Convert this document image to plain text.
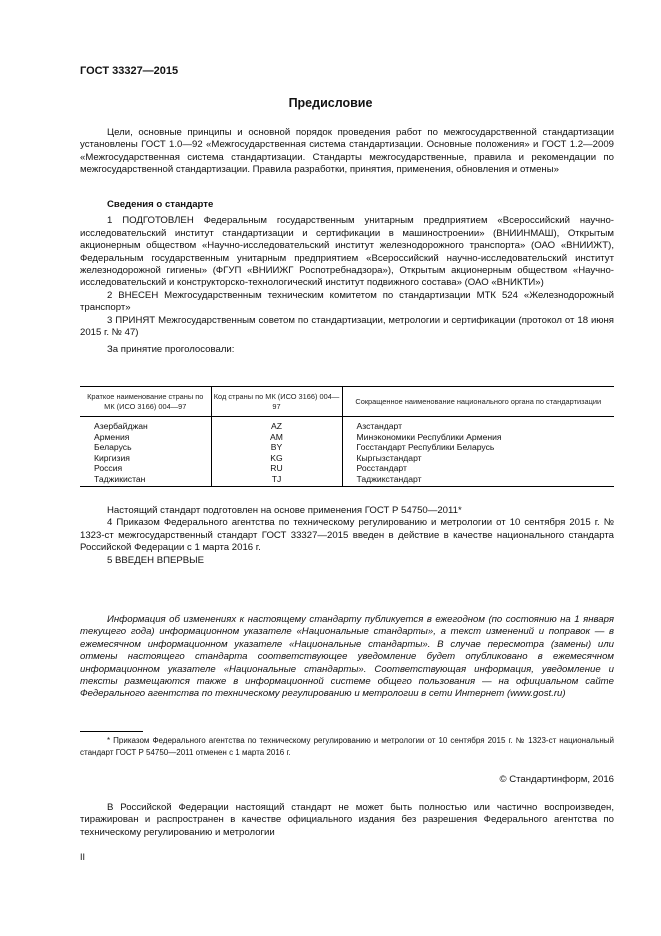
ГОСТ 33327—2015
Предисловие

Цели, основные принципы и основной порядок проведения работ по межгосударственной стандартизации установлены ГОСТ 1.0—92 «Межгосударственная система стандартизации. Основные положения» и ГОСТ 1.2—2009 «Межгосударственная система стандартизации. Стандарты межгосударственные, правила и рекомендации по межгосударственной стандартизации. Правила разработки, принятия, применения, обновления и отмены»

Сведения о стандарте

1 ПОДГОТОВЛЕН Федеральным государственным унитарным предприятием «Всероссийский научно-исследовательский институт стандартизации и сертификации в машиностроении» (ВНИИНМАШ), Открытым акционерным обществом «Научно-исследовательский институт железнодорожного транспорта» (ОАО «ВНИИЖТ), Федеральным государственным унитарным предприятием «Всероссийский научно-исследовательский институт железнодорожной гигиены» (ФГУП «ВНИИЖГ Роспотребнадзора»), Открытым акционерным обществом «Научно-исследовательский и конструкторско-технологический институт подвижного состава» (ОАО «ВНИКТИ»)

2 ВНЕСЕН Межгосударственным техническим комитетом по стандартизации МТК 524 «Железнодорожный транспорт»

3 ПРИНЯТ Межгосударственным советом по стандартизации, метрологии и сертификации (протокол от 18 июня 2015 г. № 47)

За принятие проголосовали:

Краткое наименование страны по МК (ИСО 3166) 004—97	Код страны по МК (ИСО 3166) 004—97	Сокращенное наименование национального органа по стандартизации
Азербайджан	AZ	Азстандарт
Армения	AM	Минэкономики Республики Армения
Беларусь	BY	Госстандарт Республики Беларусь
Киргизия	KG	Кыргызстандарт
Россия	RU	Росстандарт
Таджикистан	TJ	Таджикстандарт

Настоящий стандарт подготовлен на основе применения ГОСТ Р 54750—2011*

4 Приказом Федерального агентства по техническому регулированию и метрологии от 10 сентября 2015 г. № 1323-ст межгосударственный стандарт ГОСТ 33327—2015 введен в действие в качестве национального стандарта Российской Федерации с 1 марта 2016 г.

5 ВВЕДЕН ВПЕРВЫЕ

Информация об изменениях к настоящему стандарту публикуется в ежегодном (по состоянию на 1 января текущего года) информационном указателе «Национальные стандарты», а текст изменений и поправок — в ежемесячном информационном указателе «Национальные стандарты». В случае пересмотра (замены) или отмены настоящего стандарта соответствующее уведомление будет опубликовано в ежемесячном информационном указателе «Национальные стандарты». Соответствующая информация, уведомление и тексты размещаются также в информационной системе общего пользования — на официальном сайте Федерального агентства по техническому регулированию и метрологии в сети Интернет (www.gost.ru)

* Приказом Федерального агентства по техническому регулированию и метрологии от 10 сентября 2015 г. № 1323-ст национальный стандарт ГОСТ Р 54750—2011 отменен с 1 марта 2016 г.

© Стандартинформ, 2016

В Российской Федерации настоящий стандарт не может быть полностью или частично воспроизведен, тиражирован и распространен в качестве официального издания без разрешения Федерального агентства по техническому регулированию и метрологии

II
